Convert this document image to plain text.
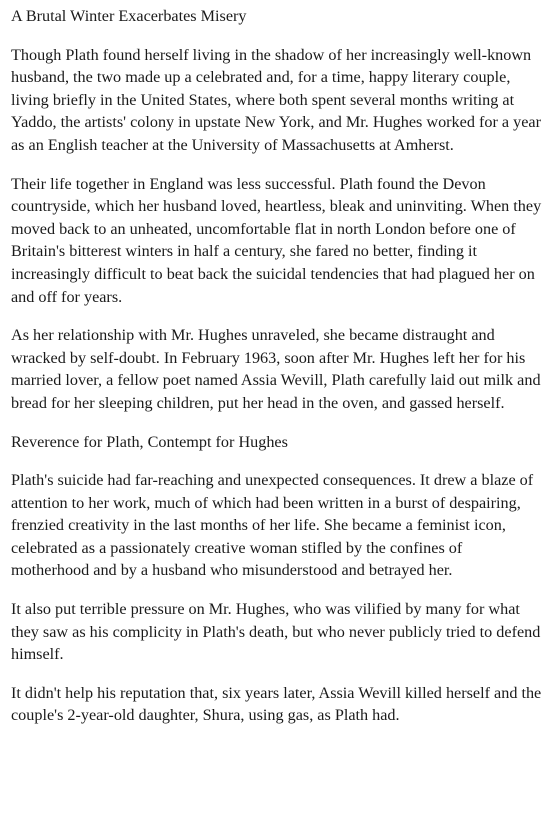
A Brutal Winter Exacerbates Misery

Though Plath found herself living in the shadow of her increasingly well-known husband, the two made up a celebrated and, for a time, happy literary couple, living briefly in the United States, where both spent several months writing at Yaddo, the artists' colony in upstate New York, and Mr. Hughes worked for a year as an English teacher at the University of Massachusetts at Amherst.

Their life together in England was less successful. Plath found the Devon countryside, which her husband loved, heartless, bleak and uninviting. When they moved back to an unheated, uncomfortable flat in north London before one of Britain's bitterest winters in half a century, she fared no better, finding it increasingly difficult to beat back the suicidal tendencies that had plagued her on and off for years.

As her relationship with Mr. Hughes unraveled, she became distraught and wracked by self-doubt. In February 1963, soon after Mr. Hughes left her for his married lover, a fellow poet named Assia Wevill, Plath carefully laid out milk and bread for her sleeping children, put her head in the oven, and gassed herself.

Reverence for Plath, Contempt for Hughes

Plath's suicide had far-reaching and unexpected consequences. It drew a blaze of attention to her work, much of which had been written in a burst of despairing, frenzied creativity in the last months of her life. She became a feminist icon, celebrated as a passionately creative woman stifled by the confines of motherhood and by a husband who misunderstood and betrayed her.

It also put terrible pressure on Mr. Hughes, who was vilified by many for what they saw as his complicity in Plath's death, but who never publicly tried to defend himself.

It didn't help his reputation that, six years later, Assia Wevill killed herself and the couple's 2-year-old daughter, Shura, using gas, as Plath had.
